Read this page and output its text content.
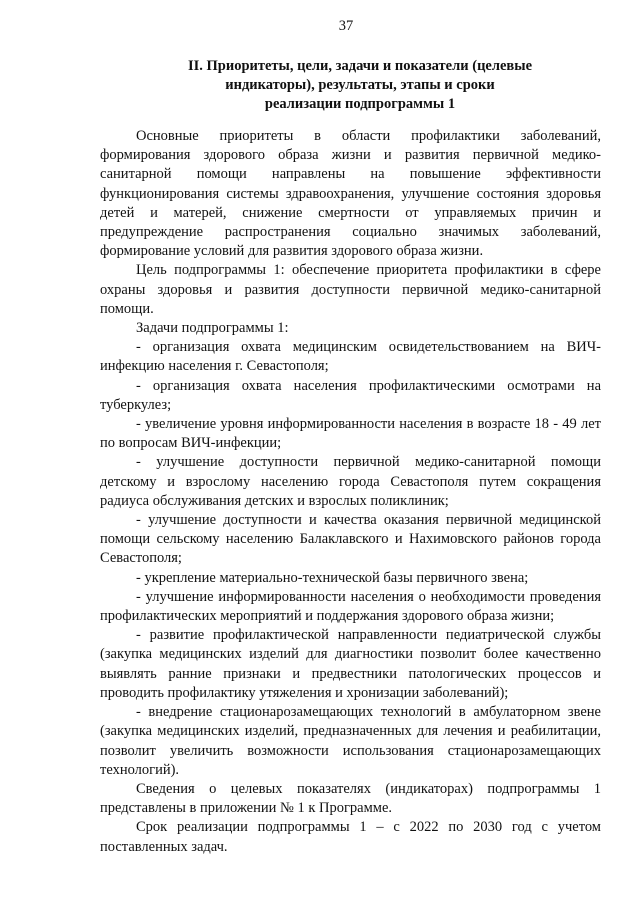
37
II. Приоритеты, цели, задачи и показатели (целевые
индикаторы), результаты, этапы и сроки
реализации подпрограммы 1

Основные приоритеты в области профилактики заболеваний, формирования здорового образа жизни и развития первичной медико-санитарной помощи направлены на повышение эффективности функционирования системы здравоохранения, улучшение состояния здоровья детей и матерей, снижение смертности от управляемых причин и предупреждение распространения социально значимых заболеваний, формирование условий для развития здорового образа жизни.

Цель подпрограммы 1: обеспечение приоритета профилактики в сфере охраны здоровья и развития доступности первичной медико-санитарной помощи.

Задачи подпрограммы 1:

- организация охвата медицинским освидетельствованием на ВИЧ-инфекцию населения г. Севастополя;

- организация охвата населения профилактическими осмотрами на туберкулез;

- увеличение уровня информированности населения в возрасте 18 - 49 лет по вопросам ВИЧ-инфекции;

- улучшение доступности первичной медико-санитарной помощи детскому и взрослому населению города Севастополя путем сокращения радиуса обслуживания детских и взрослых поликлиник;

- улучшение доступности и качества оказания первичной медицинской помощи сельскому населению Балаклавского и Нахимовского районов города Севастополя;

- укрепление материально-технической базы первичного звена;

- улучшение информированности населения о необходимости проведения профилактических мероприятий и поддержания здорового образа жизни;

- развитие профилактической направленности педиатрической службы (закупка медицинских изделий для диагностики позволит более качественно выявлять ранние признаки и предвестники патологических процессов и проводить профилактику утяжеления и хронизации заболеваний);

- внедрение стационарозамещающих технологий в амбулаторном звене (закупка медицинских изделий, предназначенных для лечения и реабилитации, позволит увеличить возможности использования стационарозамещающих технологий).

Сведения о целевых показателях (индикаторах) подпрограммы 1 представлены в приложении № 1 к Программе.

Срок реализации подпрограммы 1 – с 2022 по 2030 год с учетом поставленных задач.
